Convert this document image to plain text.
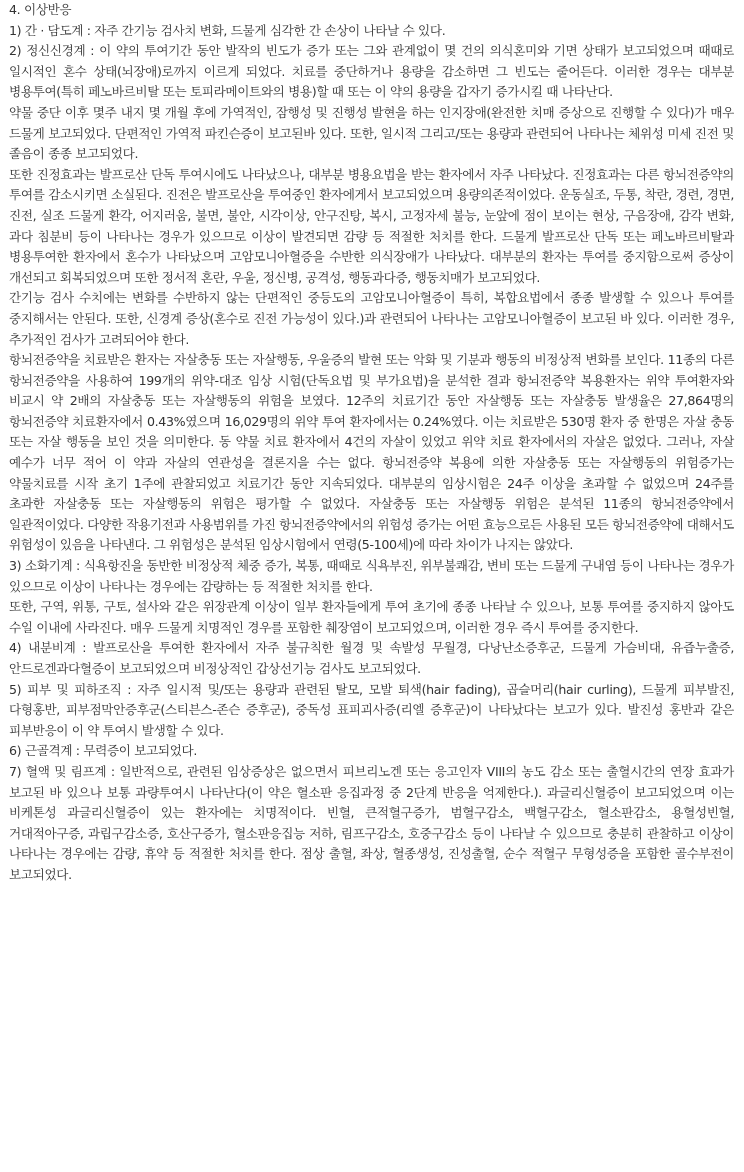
4. 이상반응
1) 간 · 담도계 : 자주 간기능 검사치 변화, 드물게 심각한 간 손상이 나타날 수 있다.
2) 정신신경계 : 이 약의 투여기간 동안 발작의 빈도가 증가 또는 그와 관계없이 몇 건의 의식혼미와 기면 상태가 보고되었으며 때때로 일시적인 혼수 상태(뇌장애)로까지 이르게 되었다. 치료를 중단하거나 용량을 감소하면 그 빈도는 줄어든다. 이러한 경우는 대부분 병용투여(특히 페노바르비탈 또는 토피라메이트와의 병용)할 때 또는 이 약의 용량을 갑자기 증가시킬 때 나타난다.
약물 중단 이후 몇주 내지 몇 개월 후에 가역적인, 잠행성 및 진행성 발현을 하는 인지장애(완전한 치매 증상으로 진행할 수 있다)가 매우 드물게 보고되었다. 단편적인 가역적 파킨슨증이 보고된바 있다. 또한, 일시적 그리고/또는 용량과 관련되어 나타나는 체위성 미세 진전 및 졸음이 종종 보고되었다.
또한 진정효과는 발프로산 단독 투여시에도 나타났으나, 대부분 병용요법을 받는 환자에서 자주 나타났다. 진정효과는 다른 항뇌전증약의 투여를 감소시키면 소실된다. 진전은 발프로산을 투여중인 환자에게서 보고되었으며 용량의존적이었다. 운동실조, 두통, 착란, 경련, 경면, 진전, 실조 드물게 환각, 어지러움, 불면, 불안, 시각이상, 안구진탕, 복시, 고정자세 불능, 눈앞에 점이 보이는 현상, 구음장애, 감각 변화, 과다 침분비 등이 나타나는 경우가 있으므로 이상이 발견되면 감량 등 적절한 처치를 한다. 드물게 발프로산 단독 또는 페노바르비탈과 병용투여한 환자에서 혼수가 나타났으며 고암모니아혈증을 수반한 의식장애가 나타났다. 대부분의 환자는 투여를 중지함으로써 증상이 개선되고 회복되었으며 또한 정서적 혼란, 우울, 정신병, 공격성, 행동과다증, 행동치매가 보고되었다.
간기능 검사 수치에는 변화를 수반하지 않는 단편적인 중등도의 고암모니아혈증이 특히, 복합요법에서 종종 발생할 수 있으나 투여를 중지해서는 안된다. 또한, 신경계 증상(혼수로 진전 가능성이 있다.)과 관련되어 나타나는 고암모니아혈증이 보고된 바 있다. 이러한 경우, 추가적인 검사가 고려되어야 한다.
항뇌전증약을 치료받은 환자는 자살충동 또는 자살행동, 우울증의 발현 또는 악화 및 기분과 행동의 비정상적 변화를 보인다. 11종의 다른 항뇌전증약을 사용하여 199개의 위약-대조 임상 시험(단독요법 및 부가요법)을 분석한 결과 항뇌전증약 복용환자는 위약 투여환자와 비교시 약 2배의 자살충동 또는 자살행동의 위험을 보였다. 12주의 치료기간 동안 자살행동 또는 자살충동 발생율은 27,864명의 항뇌전증약 치료환자에서 0.43%였으며 16,029명의 위약 투여 환자에서는 0.24%였다. 이는 치료받은 530명 환자 중 한명은 자살 충동 또는 자살 행동을 보인 것을 의미한다. 동 약물 치료 환자에서 4건의 자살이 있었고 위약 치료 환자에서의 자살은 없었다. 그러나, 자살 예수가 너무 적어 이 약과 자살의 연관성을 결론지을 수는 없다. 항뇌전증약 복용에 의한 자살충동 또는 자살행동의 위험증가는 약물치료를 시작 초기 1주에 관찰되었고 치료기간 동안 지속되었다. 대부분의 임상시험은 24주 이상을 초과할 수 없었으며 24주를 초과한 자살충동 또는 자살행동의 위험은 평가할 수 없었다. 자살충동 또는 자살행동 위험은 분석된 11종의 항뇌전증약에서 일관적이었다. 다양한 작용기전과 사용범위를 가진 항뇌전증약에서의 위험성 증가는 어떤 효능으로든 사용된 모든 항뇌전증약에 대해서도 위험성이 있음을 나타낸다. 그 위험성은 분석된 임상시험에서 연령(5-100세)에 따라 차이가 나지는 않았다.
3) 소화기계 : 식욕항진을 동반한 비정상적 체중 증가, 복통, 때때로 식욕부진, 위부불쾌감, 변비 또는 드물게 구내염 등이 나타나는 경우가 있으므로 이상이 나타나는 경우에는 감량하는 등 적절한 처치를 한다.
또한, 구역, 위통, 구토, 설사와 같은 위장관계 이상이 일부 환자들에게 투여 초기에 종종 나타날 수 있으나, 보통 투여를 중지하지 않아도 수일 이내에 사라진다. 매우 드물게 치명적인 경우를 포함한 췌장염이 보고되었으며, 이러한 경우 즉시 투여를 중지한다.
4) 내분비계 : 발프로산을 투여한 환자에서 자주 불규칙한 월경 및 속발성 무월경, 다낭난소증후군, 드물게 가슴비대, 유즙누출증, 안드로겐과다혈증이 보고되었으며 비정상적인 갑상선기능 검사도 보고되었다.
5) 피부 및 피하조직 : 자주 일시적 및/또는 용량과 관련된 탈모, 모발 퇴색(hair fading), 곱슬머리(hair curling), 드물게 피부발진, 다형홍반, 피부점막안증후군(스티븐스-존슨 증후군), 중독성 표피괴사증(리엘 증후군)이 나타났다는 보고가 있다. 발진성 홍반과 같은 피부반응이 이 약 투여시 발생할 수 있다.
6) 근골격계 : 무력증이 보고되었다.
7) 혈액 및 림프계 : 일반적으로, 관련된 임상증상은 없으면서 피브리노겐 또는 응고인자 VIII의 농도 감소 또는 출혈시간의 연장 효과가 보고된 바 있으나 보통 과량투여시 나타난다(이 약은 혈소판 응집과정 중 2단계 반응을 억제한다.). 과글리신혈증이 보고되었으며 이는 비케톤성 과글리신혈증이 있는 환자에는 치명적이다. 빈혈, 큰적혈구증가, 범혈구감소, 백혈구감소, 혈소판감소, 용혈성빈혈, 거대적아구증, 과립구감소증, 호산구증가, 혈소판응집능 저하, 림프구감소, 호중구감소 등이 나타날 수 있으므로 충분히 관찰하고 이상이 나타나는 경우에는 감량, 휴약 등 적절한 처치를 한다. 점상 출혈, 좌상, 혈종생성, 진성출혈, 순수 적혈구 무형성증을 포함한 골수부전이 보고되었다.
